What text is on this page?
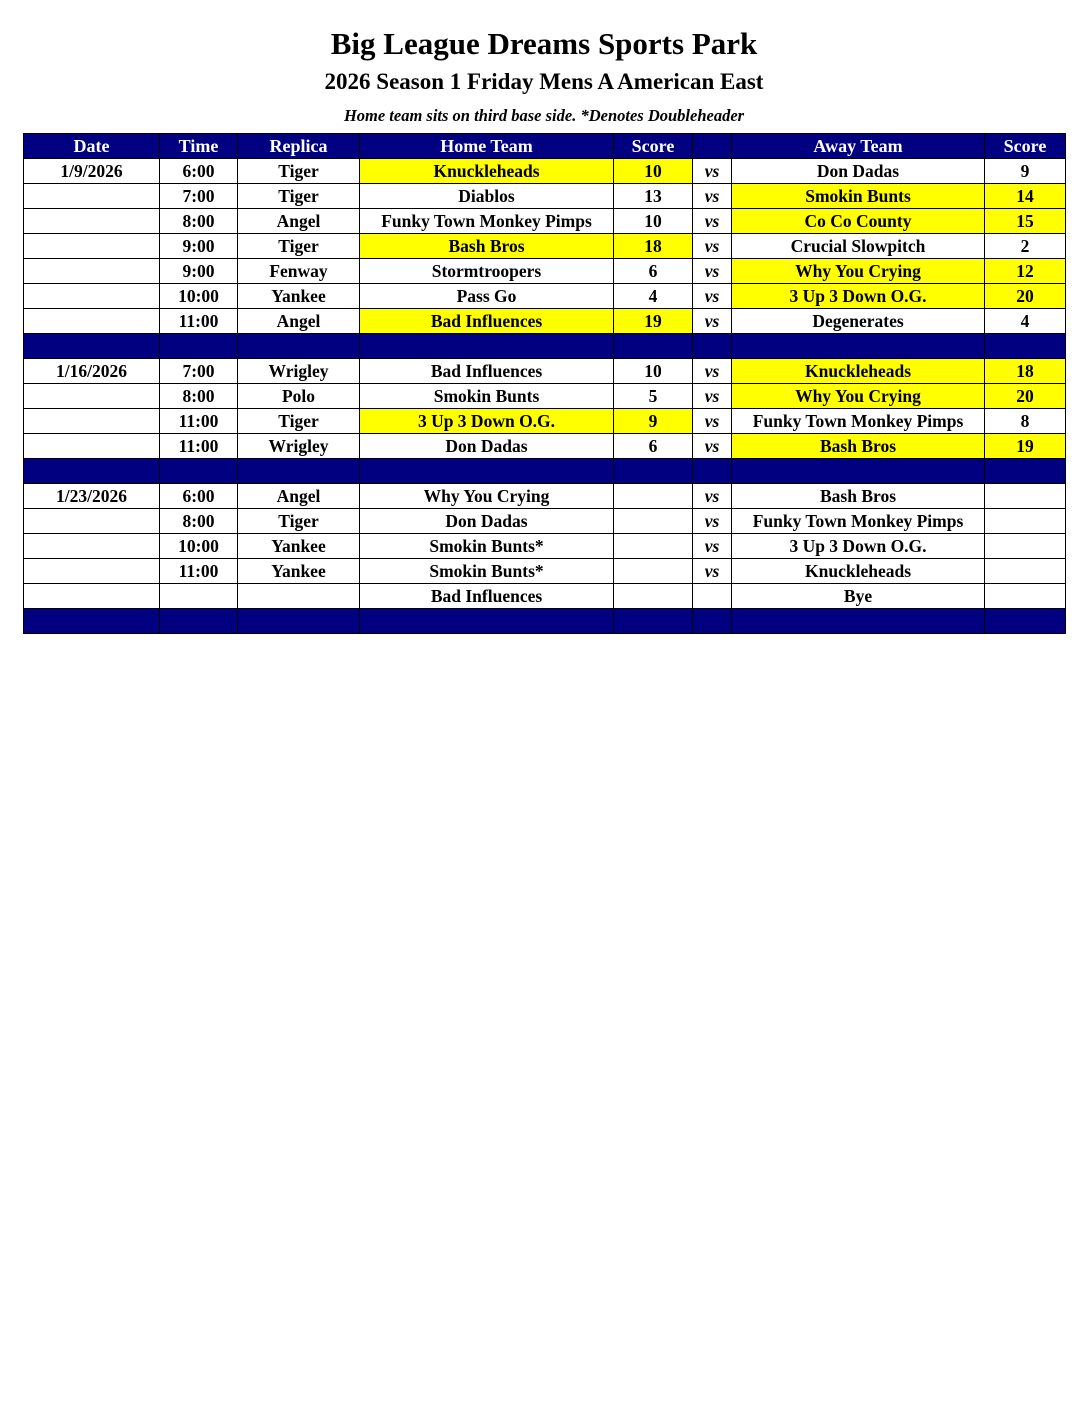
Big League Dreams Sports Park
2026 Season 1 Friday Mens A American East
Home team sits on third base side. *Denotes Doubleheader
Date	Time	Replica	Home Team	Score		Away Team	Score
1/9/2026	6:00	Tiger	Knuckleheads	10	vs	Don Dadas	9
	7:00	Tiger	Diablos	13	vs	Smokin Bunts	14
	8:00	Angel	Funky Town Monkey Pimps	10	vs	Co Co County	15
	9:00	Tiger	Bash Bros	18	vs	Crucial Slowpitch	2
	9:00	Fenway	Stormtroopers	6	vs	Why You Crying	12
	10:00	Yankee	Pass Go	4	vs	3 Up 3 Down O.G.	20
	11:00	Angel	Bad Influences	19	vs	Degenerates	4

1/16/2026	7:00	Wrigley	Bad Influences	10	vs	Knuckleheads	18
	8:00	Polo	Smokin Bunts	5	vs	Why You Crying	20
	11:00	Tiger	3 Up 3 Down O.G.	9	vs	Funky Town Monkey Pimps	8
	11:00	Wrigley	Don Dadas	6	vs	Bash Bros	19

1/23/2026	6:00	Angel	Why You Crying		vs	Bash Bros	
	8:00	Tiger	Don Dadas		vs	Funky Town Monkey Pimps	
	10:00	Yankee	Smokin Bunts*		vs	3 Up 3 Down O.G.	
	11:00	Yankee	Smokin Bunts*		vs	Knuckleheads	
			Bad Influences			Bye	
